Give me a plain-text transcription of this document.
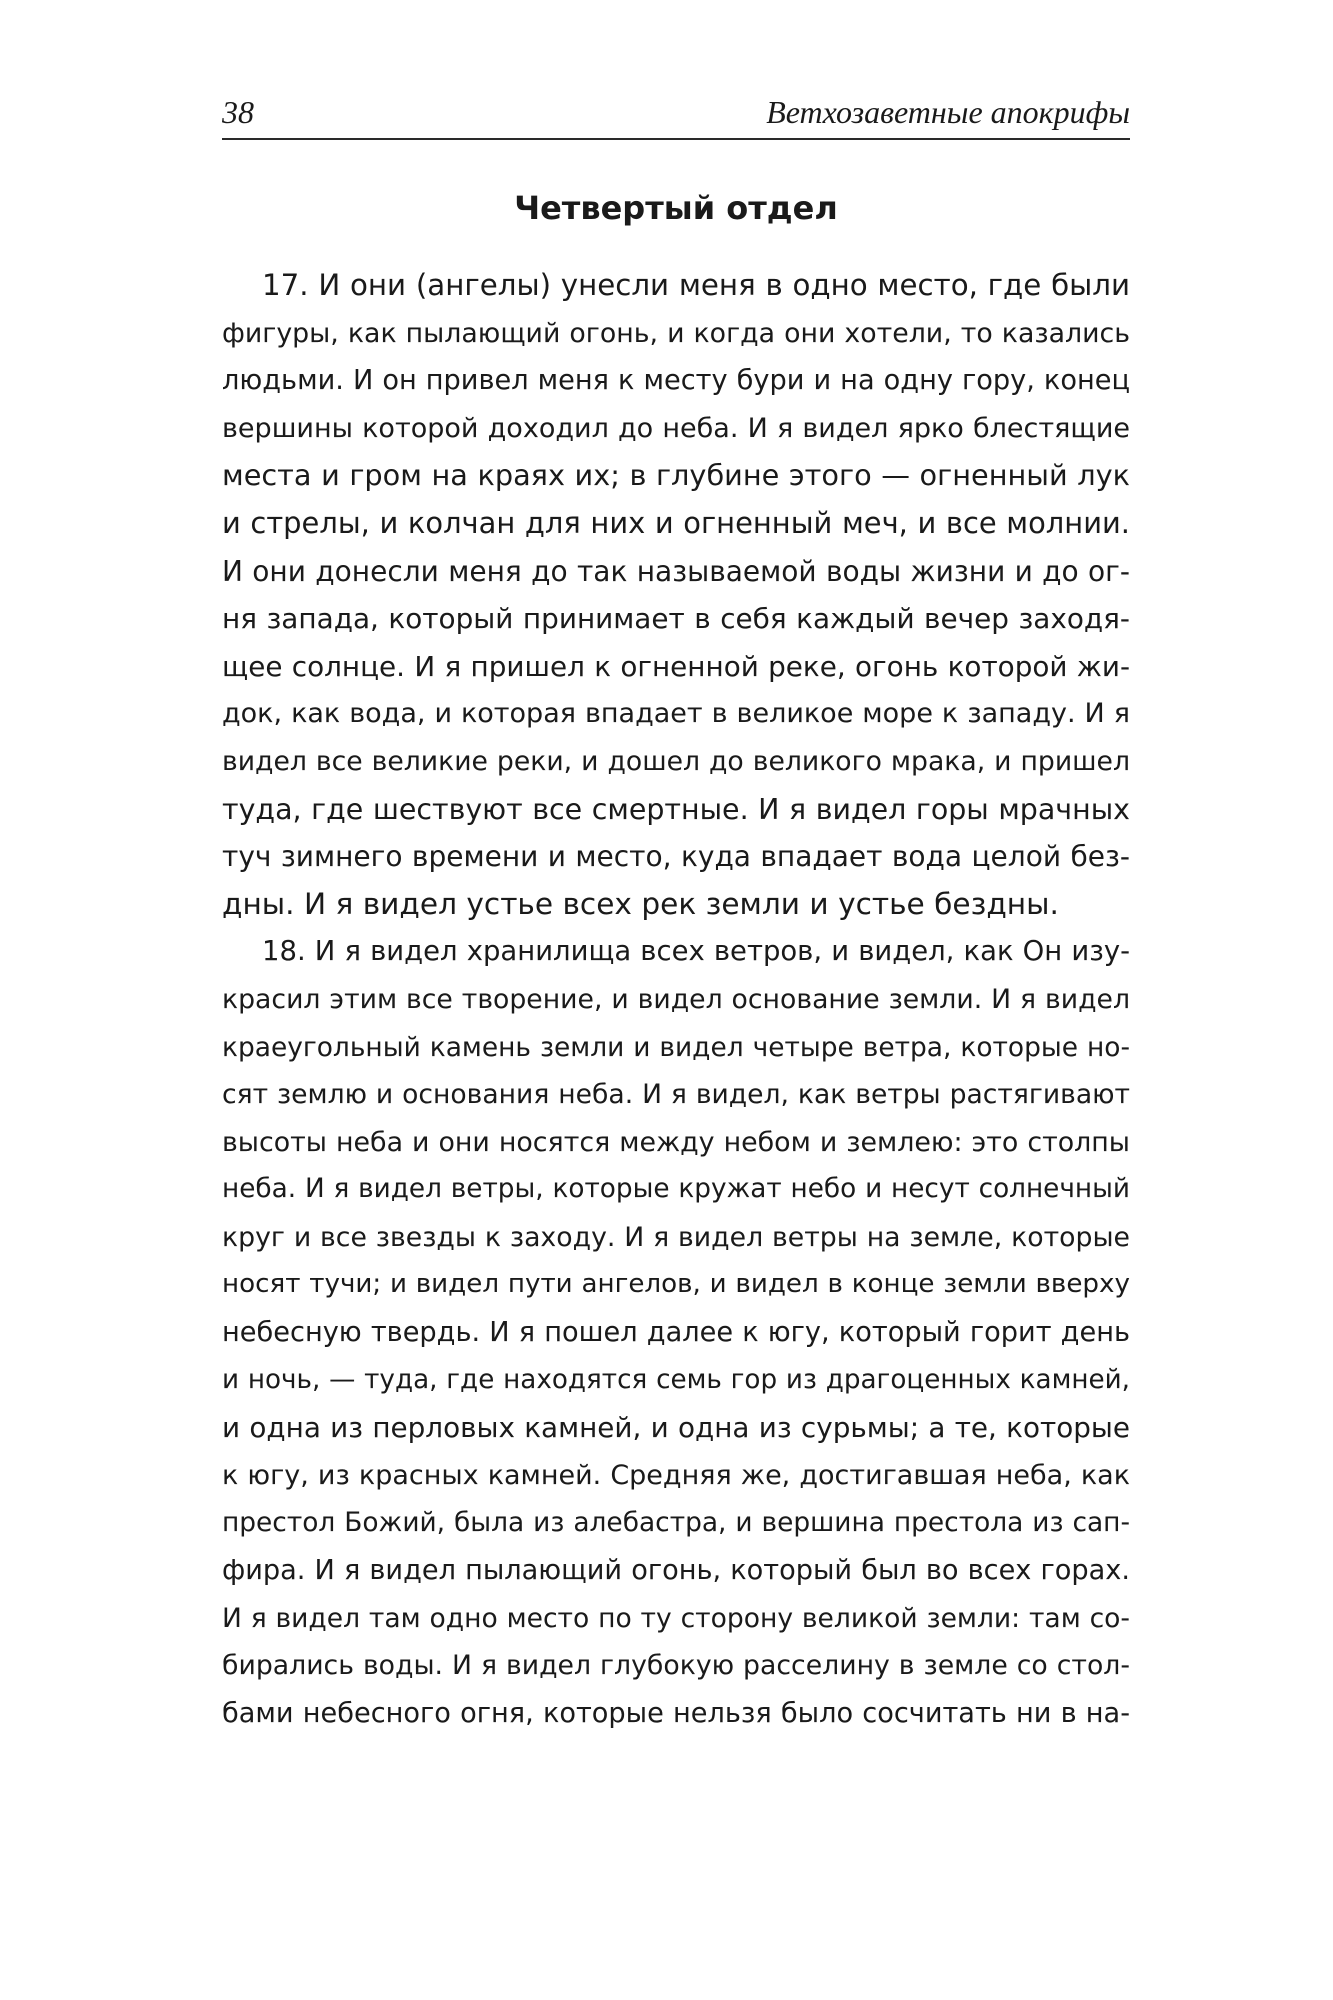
38	Ветхозаветные апокрифы
Четвертый отдел
17. И они (ангелы) унесли меня в одно место, где были
фигуры, как пылающий огонь, и когда они хотели, то казались
людьми. И он привел меня к месту бури и на одну гору, конец
вершины которой доходил до неба. И я видел ярко блестящие
места и гром на краях их; в глубине этого — огненный лук
и стрелы, и колчан для них и огненный меч, и все молнии.
И они донесли меня до так называемой воды жизни и до ог-
ня запада, который принимает в себя каждый вечер заходя-
щее солнце. И я пришел к огненной реке, огонь которой жи-
док, как вода, и которая впадает в великое море к западу. И я
видел все великие реки, и дошел до великого мрака, и пришел
туда, где шествуют все смертные. И я видел горы мрачных
туч зимнего времени и место, куда впадает вода целой без-
дны. И я видел устье всех рек земли и устье бездны.
18. И я видел хранилища всех ветров, и видел, как Он изу-
красил этим все творение, и видел основание земли. И я видел
краеугольный камень земли и видел четыре ветра, которые но-
сят землю и основания неба. И я видел, как ветры растягивают
высоты неба и они носятся между небом и землею: это столпы
неба. И я видел ветры, которые кружат небо и несут солнечный
круг и все звезды к заходу. И я видел ветры на земле, которые
носят тучи; и видел пути ангелов, и видел в конце земли вверху
небесную твердь. И я пошел далее к югу, который горит день
и ночь, — туда, где находятся семь гор из драгоценных камней,
и одна из перловых камней, и одна из сурьмы; а те, которые
к югу, из красных камней. Средняя же, достигавшая неба, как
престол Божий, была из алебастра, и вершина престола из сап-
фира. И я видел пылающий огонь, который был во всех горах.
И я видел там одно место по ту сторону великой земли: там со-
бирались воды. И я видел глубокую расселину в земле со стол-
бами небесного огня, которые нельзя было сосчитать ни в на-
